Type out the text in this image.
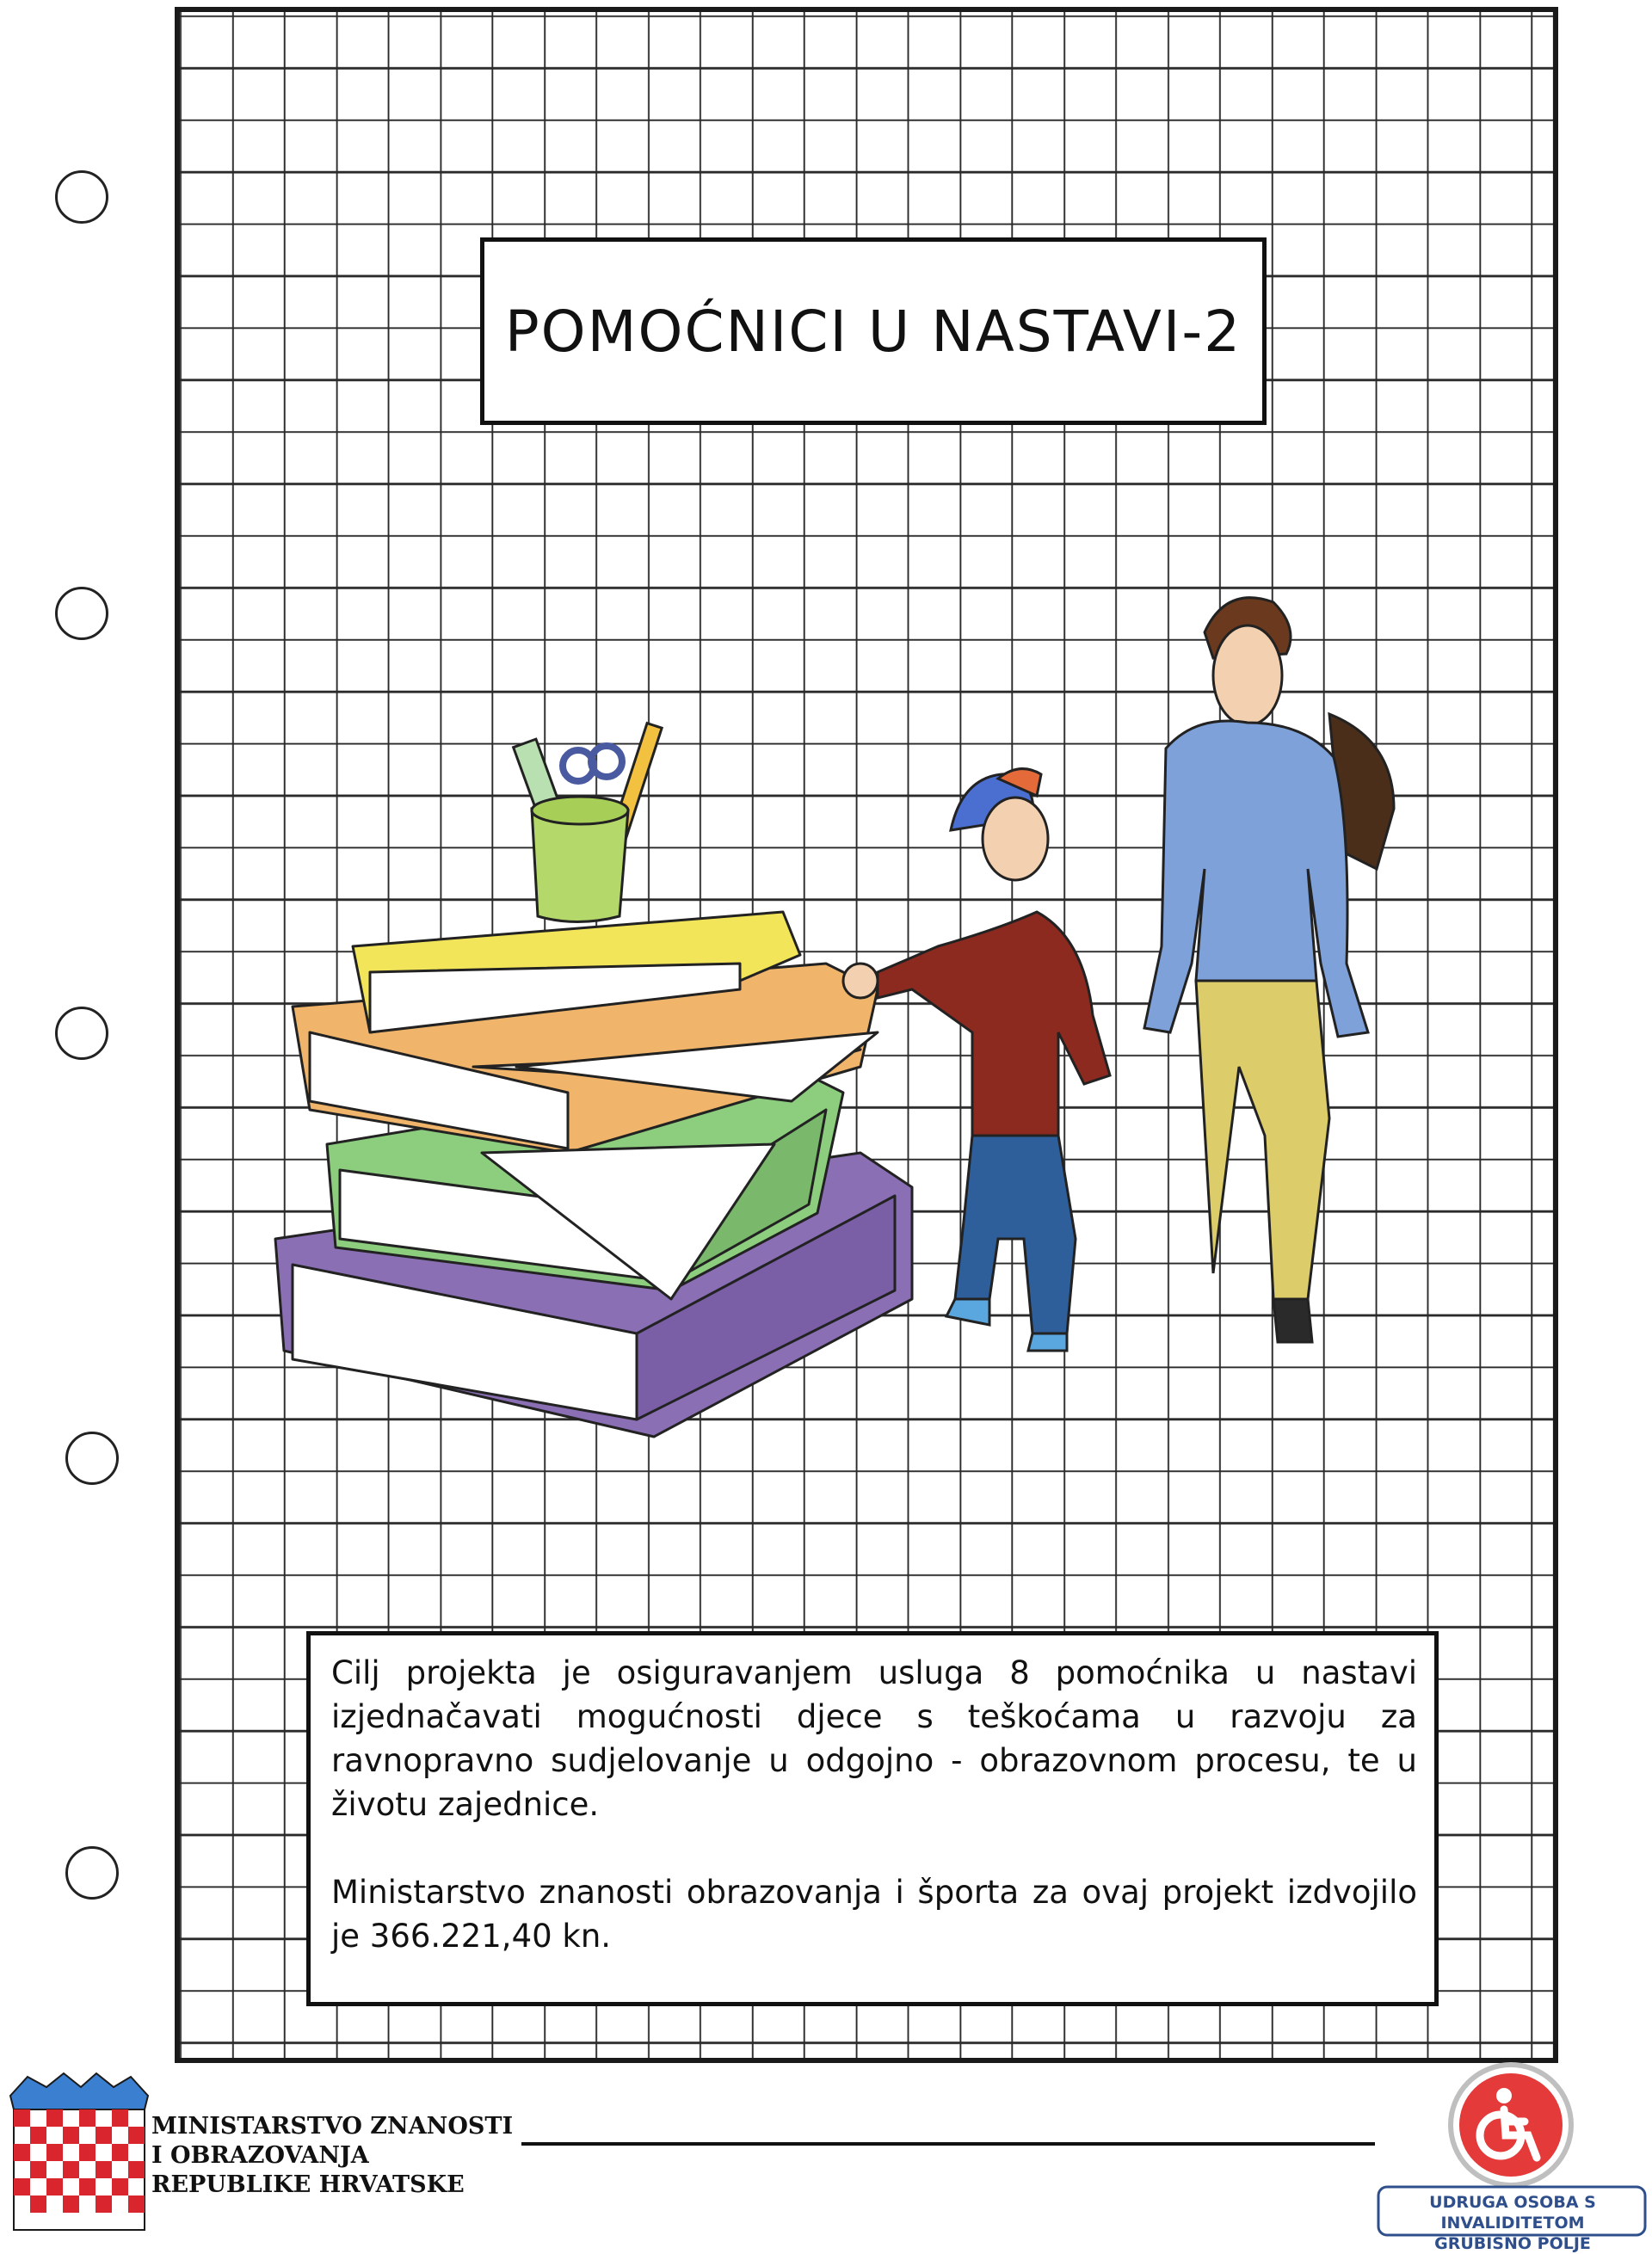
POMOĆNICI U NASTAVI-2

Cilj projekta je osiguravanjem usluga 8 pomoćnika u nastavi izjednačavati mogućnosti djece s teškoćama u razvoju za ravnopravno sudjelovanje u odgojno - obrazovnom procesu, te u životu zajednice.

Ministarstvo znanosti obrazovanja i športa za ovaj projekt izdvojilo je 366.221,40 kn.

MINISTARSTVO ZNANOSTI
I OBRAZOVANJA
REPUBLIKE HRVATSKE
UDRUGA OSOBA S INVALIDITETOM
GRUBIŠNO POLJE
